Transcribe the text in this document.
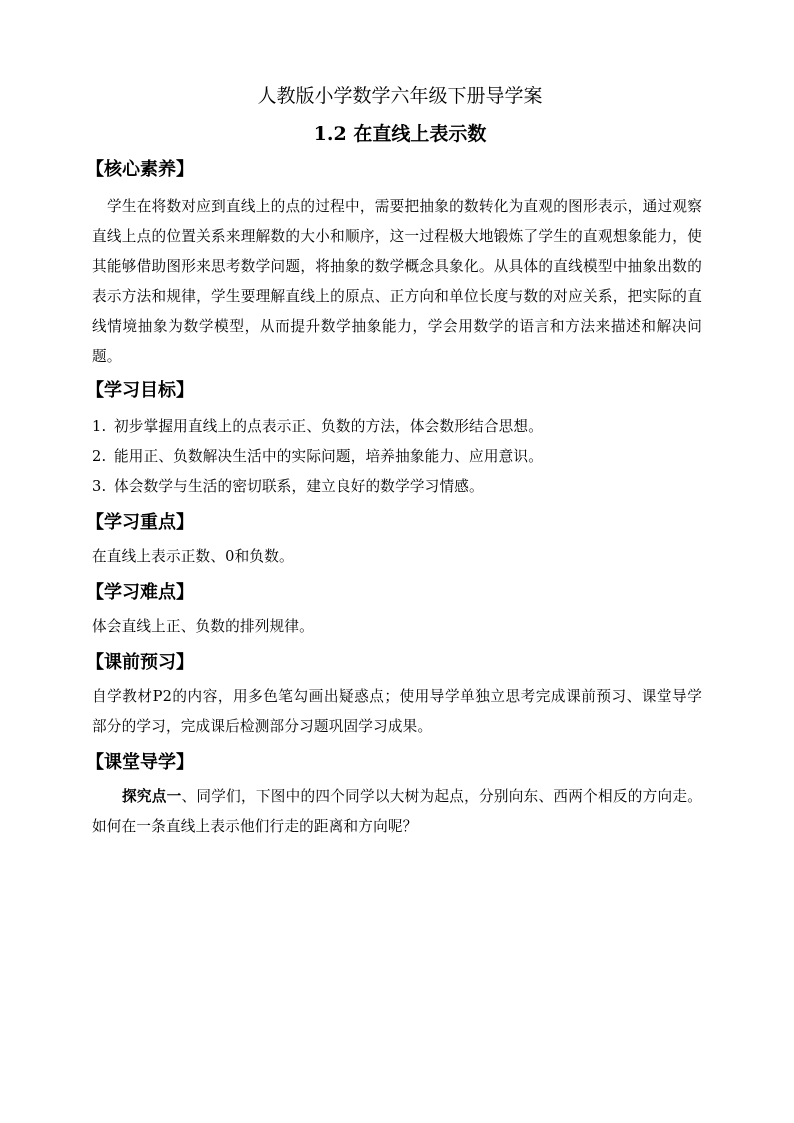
人教版小学数学六年级下册导学案
1.2 在直线上表示数

【核心素养】

学生在将数对应到直线上的点的过程中，需要把抽象的数转化为直观的图形表示，通过观察直线上点的位置关系来理解数的大小和顺序，这一过程极大地锻炼了学生的直观想象能力，使其能够借助图形来思考数学问题，将抽象的数学概念具象化。从具体的直线模型中抽象出数的表示方法和规律，学生要理解直线上的原点、正方向和单位长度与数的对应关系，把实际的直线情境抽象为数学模型，从而提升数学抽象能力，学会用数学的语言和方法来描述和解决问题。

【学习目标】

1. 初步掌握用直线上的点表示正、负数的方法，体会数形结合思想。

2. 能用正、负数解决生活中的实际问题，培养抽象能力、应用意识。

3. 体会数学与生活的密切联系，建立良好的数学学习情感。

【学习重点】

在直线上表示正数、0和负数。

【学习难点】

体会直线上正、负数的排列规律。

【课前预习】

自学教材P2的内容，用多色笔勾画出疑惑点；使用导学单独立思考完成课前预习、课堂导学部分的学习，完成课后检测部分习题巩固学习成果。

【课堂导学】

探究点一、同学们，下图中的四个同学以大树为起点，分别向东、西两个相反的方向走。如何在一条直线上表示他们行走的距离和方向呢？
